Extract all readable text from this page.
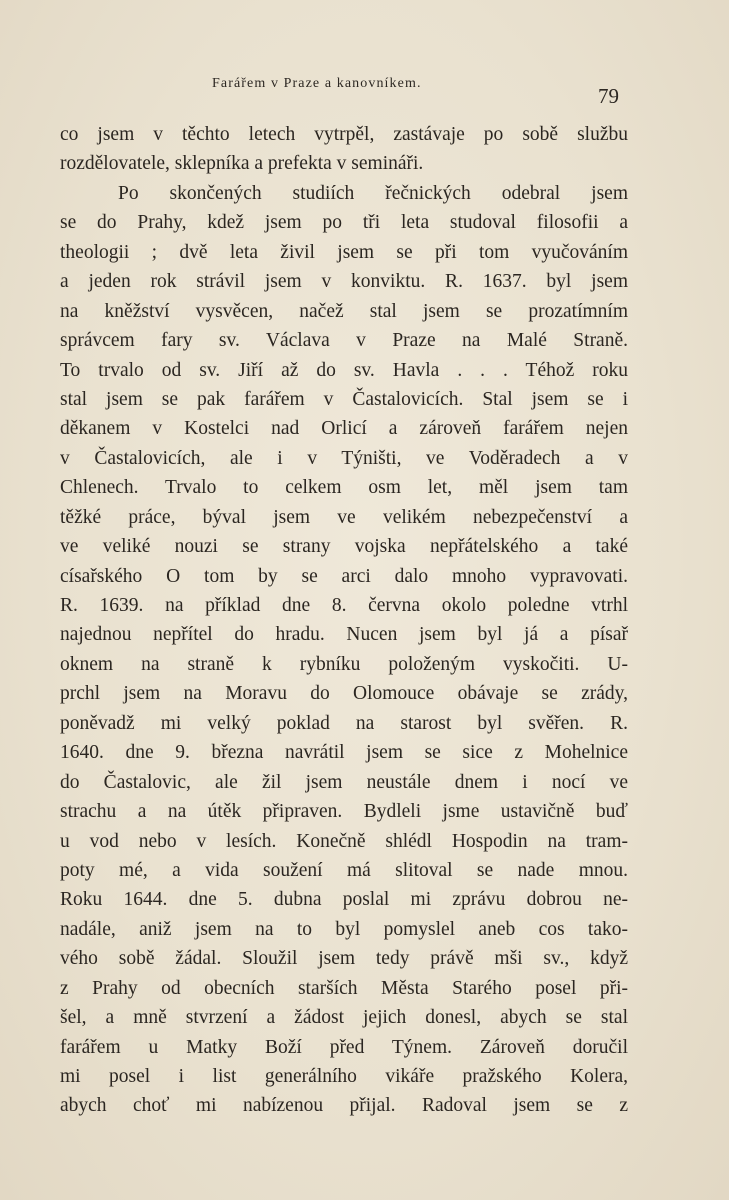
Farářem v Praze a kanovníkem.
79
co jsem v těchto letech vytrpěl, zastávaje po sobě službu
rozdělovatele, sklepníka a prefekta v semináři.
Po skončených studiích řečnických odebral jsem
se do Prahy, kdež jsem po tři leta studoval filosofii a
theologii ; dvě leta živil jsem se při tom vyučováním
a jeden rok strávil jsem v konviktu. R. 1637. byl jsem
na kněžství vysvěcen, načež stal jsem se prozatímním
správcem fary sv. Václava v Praze na Malé Straně.
To trvalo od sv. Jiří až do sv. Havla . . . Téhož roku
stal jsem se pak farářem v Častalovicích. Stal jsem se i
děkanem v Kostelci nad Orlicí a zároveň farářem nejen
v Častalovicích, ale i v Týništi, ve Voděradech a v
Chlenech. Trvalo to celkem osm let, měl jsem tam
těžké práce, býval jsem ve velikém nebezpečenství a
ve veliké nouzi se strany vojska nepřátelského a také
císařského O tom by se arci dalo mnoho vypravovati.
R. 1639. na příklad dne 8. června okolo poledne vtrhl
najednou nepřítel do hradu. Nucen jsem byl já a písař
oknem na straně k rybníku položeným vyskočiti. U-
prchl jsem na Moravu do Olomouce obávaje se zrády,
poněvadž mi velký poklad na starost byl svěřen. R.
1640. dne 9. března navrátil jsem se sice z Mohelnice
do Častalovic, ale žil jsem neustále dnem i nocí ve
strachu a na útěk připraven. Bydleli jsme ustavičně buď
u vod nebo v lesích. Konečně shlédl Hospodin na tram-
poty mé, a vida soužení má slitoval se nade mnou.
Roku 1644. dne 5. dubna poslal mi zprávu dobrou ne-
nadále, aniž jsem na to byl pomyslel aneb cos tako-
vého sobě žádal. Sloužil jsem tedy právě mši sv., když
z Prahy od obecních starších Města Starého posel při-
šel, a mně stvrzení a žádost jejich donesl, abych se stal
farářem u Matky Boží před Týnem. Zároveň doručil
mi posel i list generálního vikáře pražského Kolera,
abych choť mi nabízenou přijal. Radoval jsem se z
